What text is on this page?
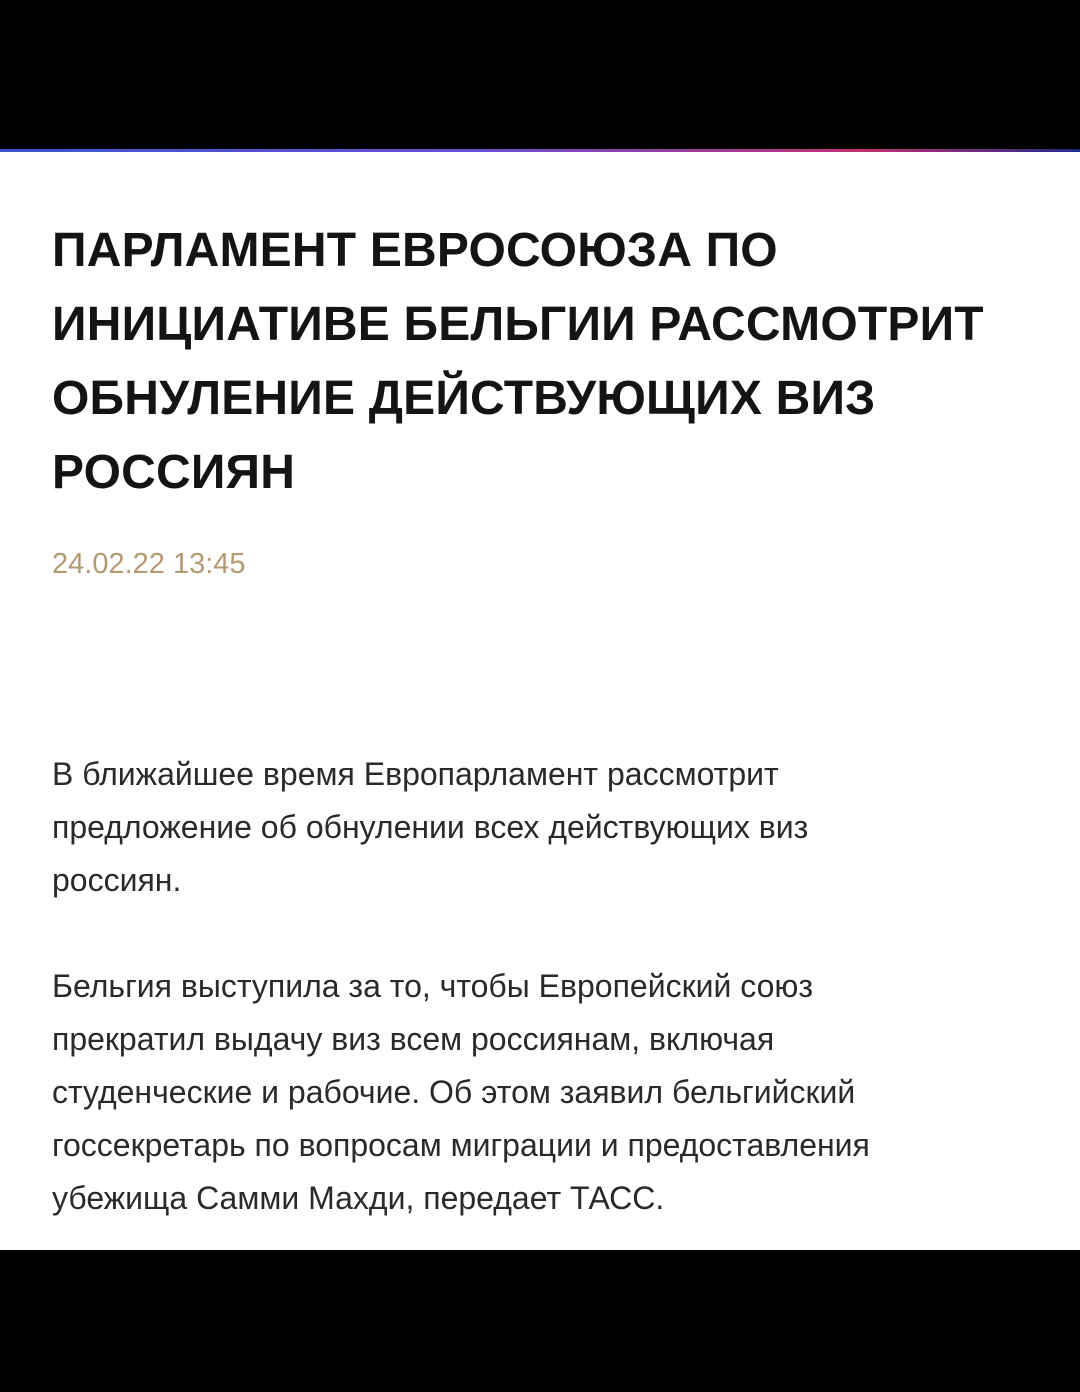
ПАРЛАМЕНТ ЕВРОСОЮЗА ПО
ИНИЦИАТИВЕ БЕЛЬГИИ РАССМОТРИТ
ОБНУЛЕНИЕ ДЕЙСТВУЮЩИХ ВИЗ
РОССИЯН
24.02.22 13:45

В ближайшее время Европарламент рассмотрит
предложение об обнулении всех действующих виз
россиян.

Бельгия выступила за то, чтобы Европейский союз
прекратил выдачу виз всем россиянам, включая
студенческие и рабочие. Об этом заявил бельгийский
госсекретарь по вопросам миграции и предоставления
убежища Самми Махди, передает ТАСС.
